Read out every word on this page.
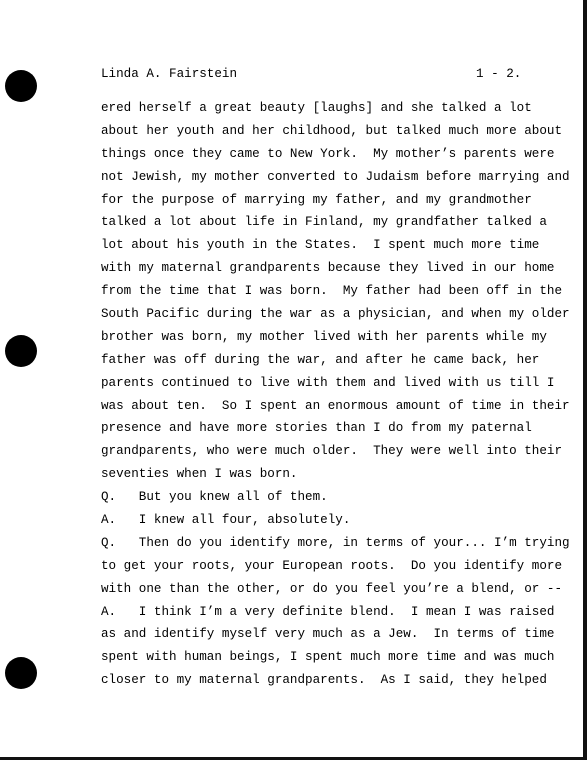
Linda A. Fairstein	1 - 2.
ered herself a great beauty [laughs] and she talked a lot
about her youth and her childhood, but talked much more about
things once they came to New York.  My mother’s parents were
not Jewish, my mother converted to Judaism before marrying and
for the purpose of marrying my father, and my grandmother
talked a lot about life in Finland, my grandfather talked a
lot about his youth in the States.  I spent much more time
with my maternal grandparents because they lived in our home
from the time that I was born.  My father had been off in the
South Pacific during the war as a physician, and when my older
brother was born, my mother lived with her parents while my
father was off during the war, and after he came back, her
parents continued to live with them and lived with us till I
was about ten.  So I spent an enormous amount of time in their
presence and have more stories than I do from my paternal
grandparents, who were much older.  They were well into their
seventies when I was born.
Q.   But you knew all of them.
A.   I knew all four, absolutely.
Q.   Then do you identify more, in terms of your... I’m trying
to get your roots, your European roots.  Do you identify more
with one than the other, or do you feel you’re a blend, or --
A.   I think I’m a very definite blend.  I mean I was raised
as and identify myself very much as a Jew.  In terms of time
spent with human beings, I spent much more time and was much
closer to my maternal grandparents.  As I said, they helped
